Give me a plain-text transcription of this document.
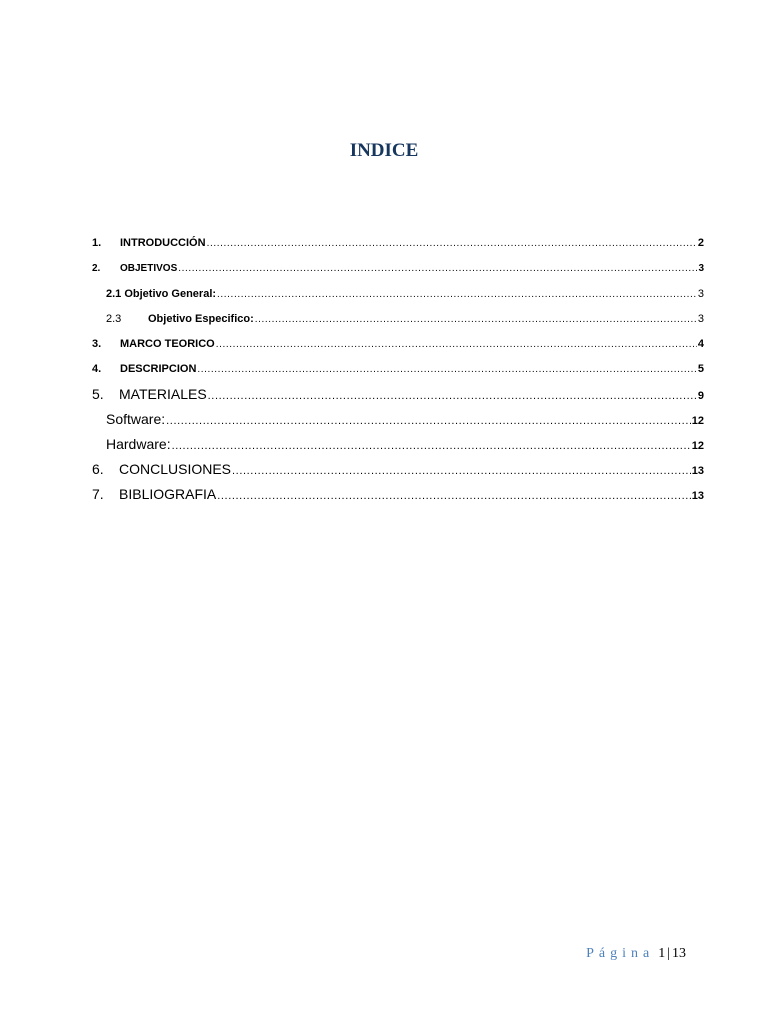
INDICE
1.	INTRODUCCIÓN .....	2
2.	OBJETIVOS .....	3
2.1 Objetivo General: .....	3
2.3	Objetivo Especifico: .....	3
3.	MARCO TEORICO .....	4
4.	DESCRIPCION .....	5
5.	MATERIALES .....	9
Software: .....	12
Hardware: .....	12
6.	CONCLUSIONES .....	13
7.	BIBLIOGRAFIA .....	13
Página 1 | 13
